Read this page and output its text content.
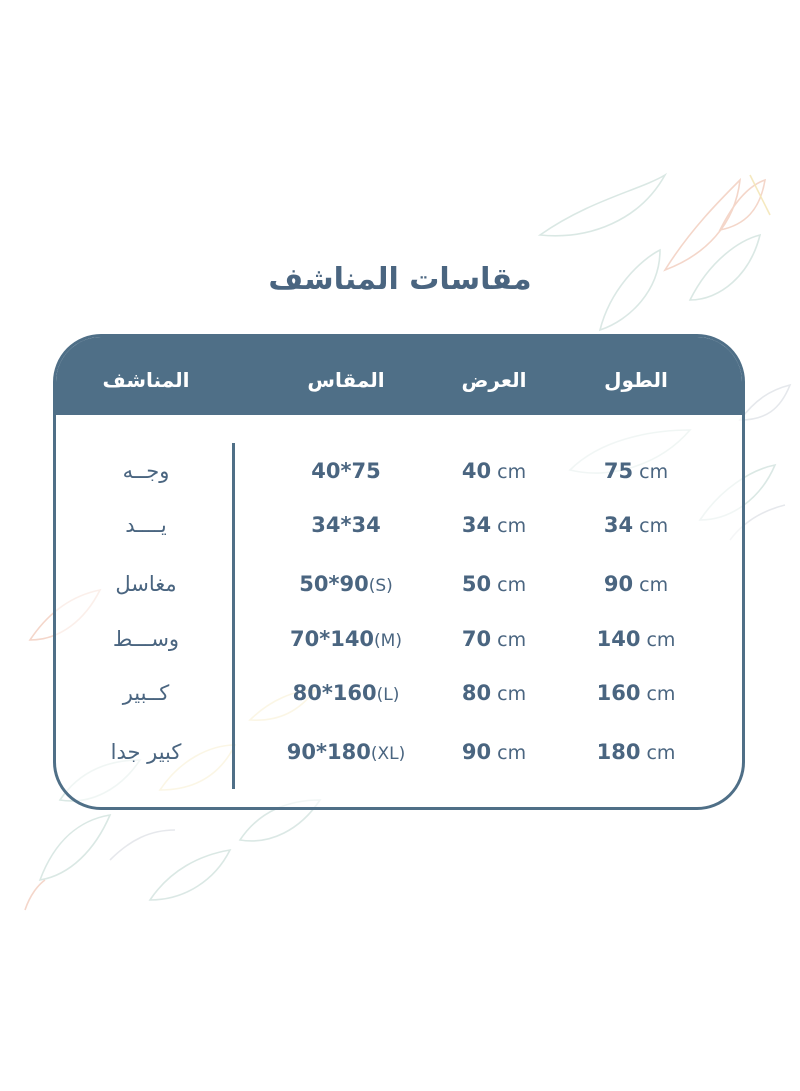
مقاسات المناشف
الطول
العرض
المقاس
المناشف
75 cm
40 cm
40*75
وجــه
34 cm
34 cm
34*34
يــــد
90 cm
50 cm
50*90(S)
مغاسل
140 cm
70 cm
70*140(M)
وســـط
160 cm
80 cm
80*160(L)
كــبير
180 cm
90 cm
90*180(XL)
كبير جدا
